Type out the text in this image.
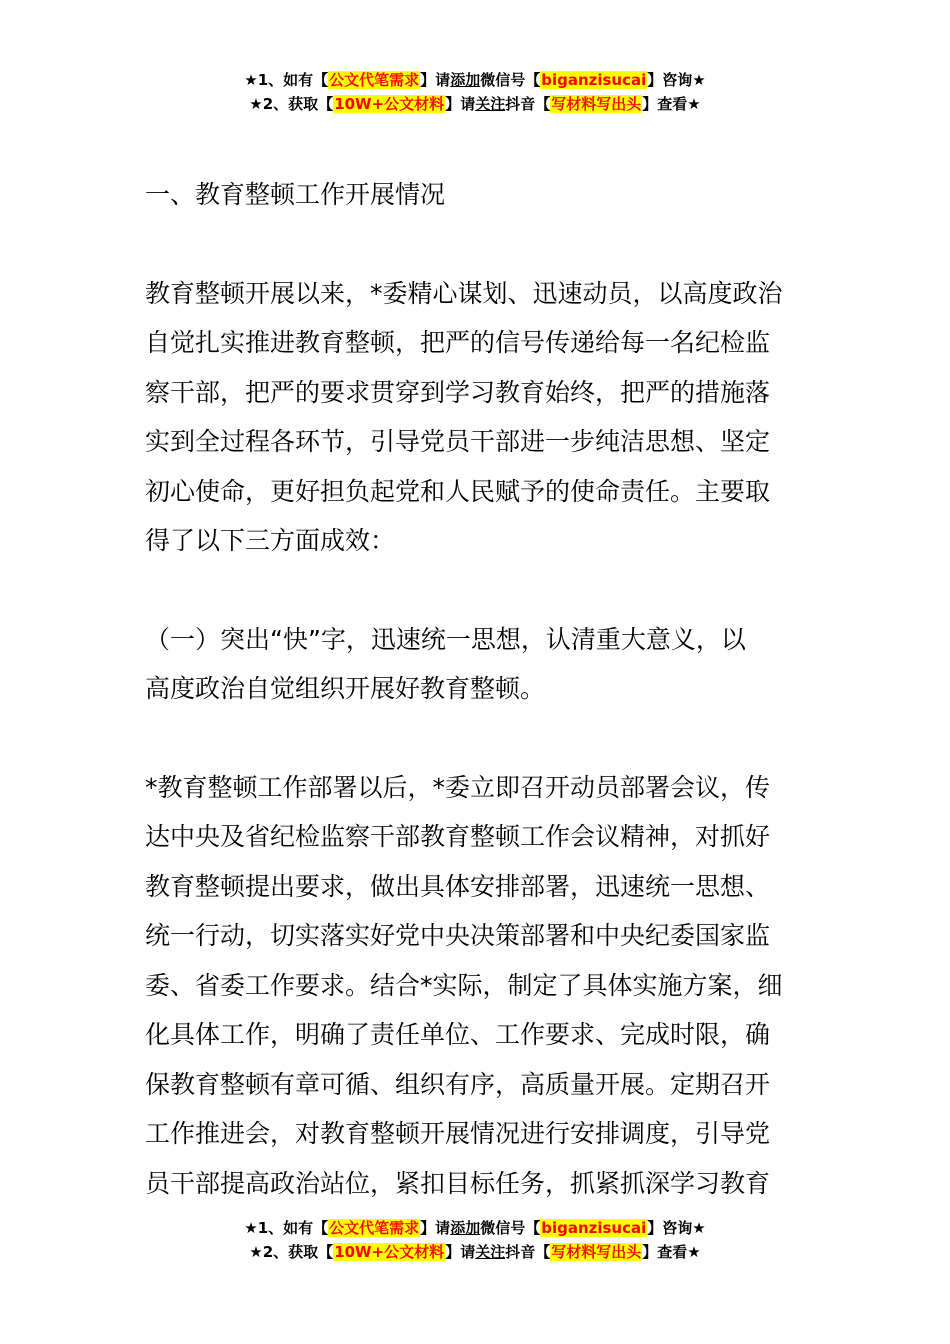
★1、如有【公文代笔需求】请添加微信号【biganzisucai】咨询★
★2、获取【10W+公文材料】请关注抖音【写材料写出头】查看★
一、教育整顿工作开展情况
教育整顿开展以来，*委精心谋划、迅速动员，以高度政治
自觉扎实推进教育整顿，把严的信号传递给每一名纪检监
察干部，把严的要求贯穿到学习教育始终，把严的措施落
实到全过程各环节，引导党员干部进一步纯洁思想、坚定
初心使命，更好担负起党和人民赋予的使命责任。主要取
得了以下三方面成效：
（一）突出“快”字，迅速统一思想，认清重大意义，以
高度政治自觉组织开展好教育整顿。
*教育整顿工作部署以后，*委立即召开动员部署会议，传
达中央及省纪检监察干部教育整顿工作会议精神，对抓好
教育整顿提出要求，做出具体安排部署，迅速统一思想、
统一行动，切实落实好党中央决策部署和中央纪委国家监
委、省委工作要求。结合*实际，制定了具体实施方案，细
化具体工作，明确了责任单位、工作要求、完成时限，确
保教育整顿有章可循、组织有序，高质量开展。定期召开
工作推进会，对教育整顿开展情况进行安排调度，引导党
员干部提高政治站位，紧扣目标任务，抓紧抓深学习教育
★1、如有【公文代笔需求】请添加微信号【biganzisucai】咨询★
★2、获取【10W+公文材料】请关注抖音【写材料写出头】查看★
